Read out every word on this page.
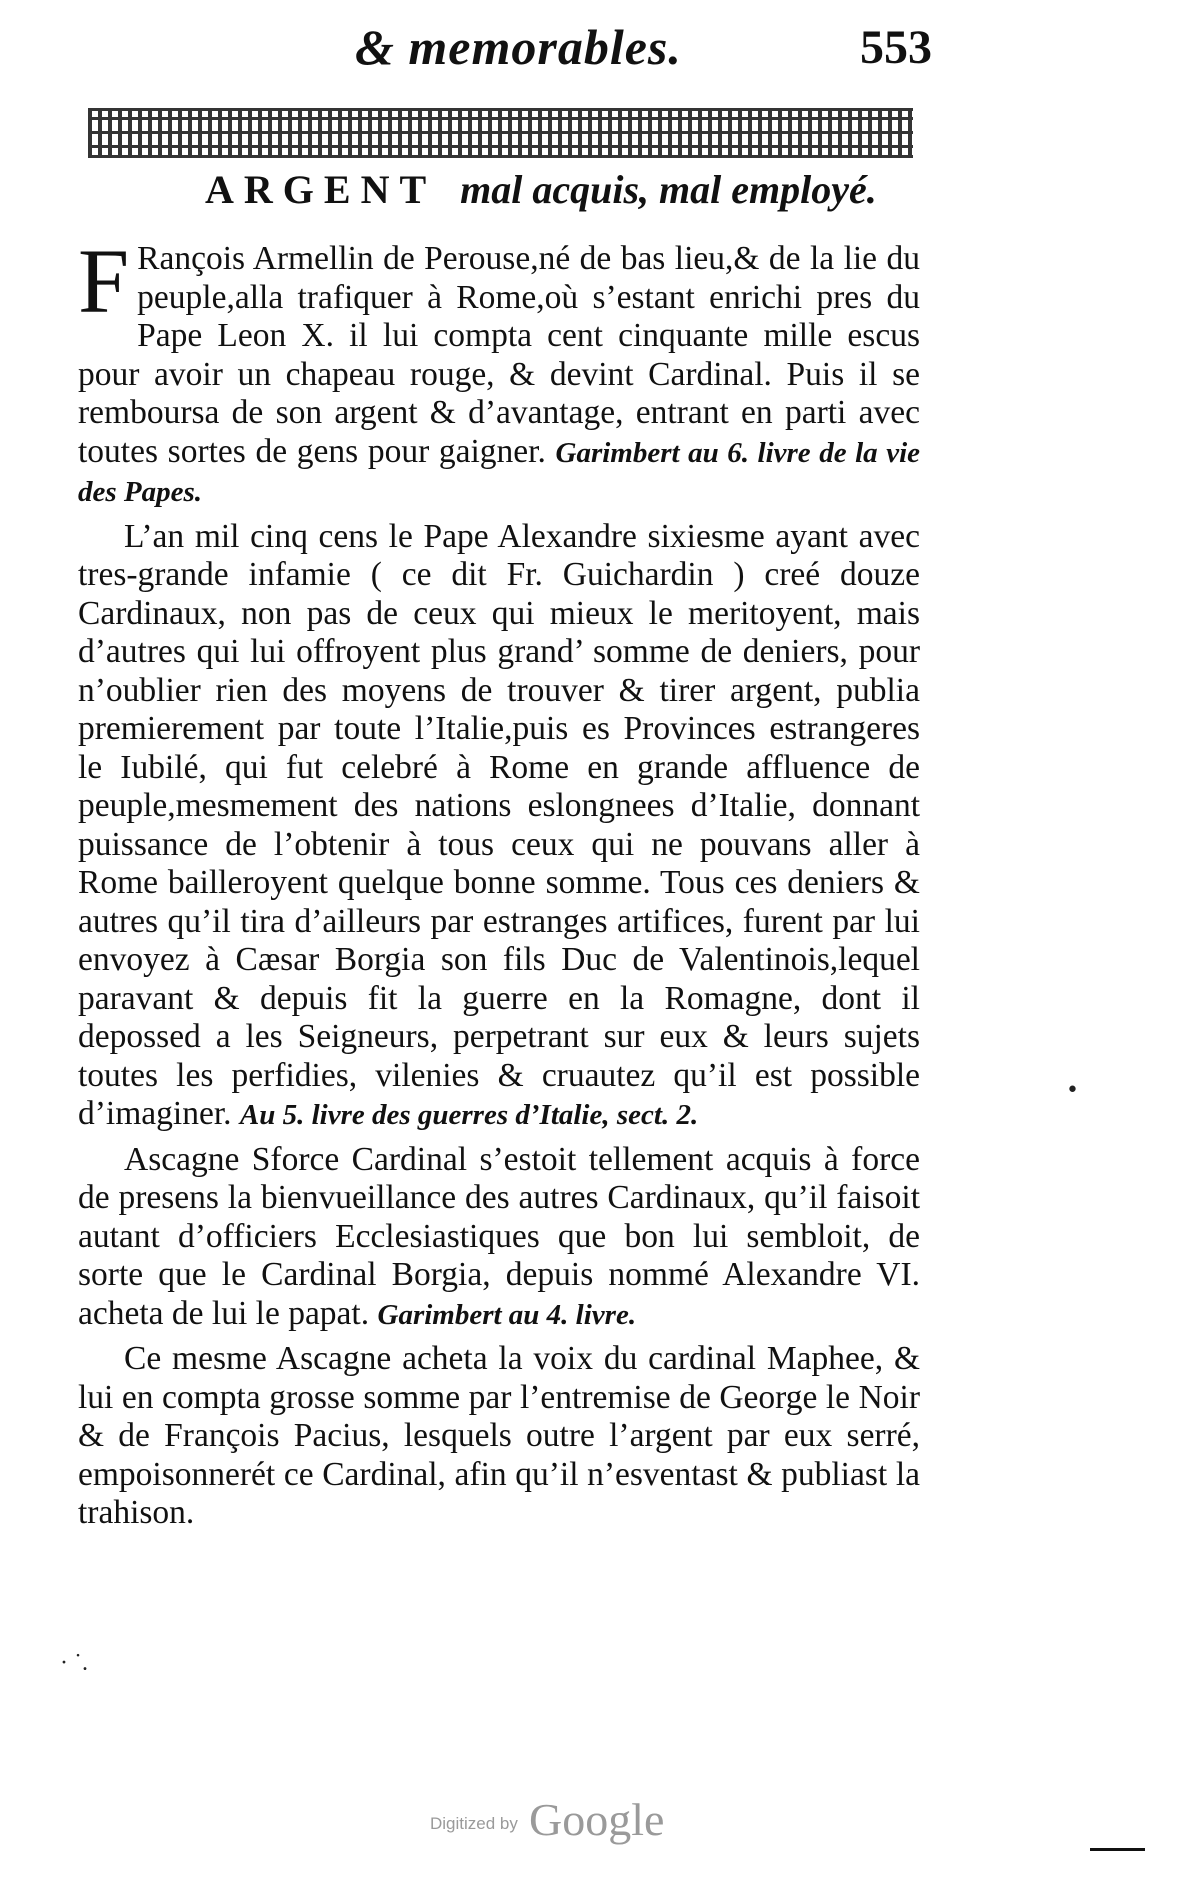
& memorables.	553
ARGENT mal acquis, mal employé.

F Rançois Armellin de Perouse,né de bas lieu,& de la lie du peuple,alla trafiquer à Rome,où s’estant enrichi pres du Pape Leon X. il lui compta cent cinquante mille escus pour avoir un chapeau rouge, & devint Cardinal. Puis il se remboursa de son argent & d’avantage, entrant en parti avec toutes sortes de gens pour gaigner. Garimbert au 6. livre de la vie des Papes.

L’an mil cinq cens le Pape Alexandre sixiesme ayant avec tres-grande infamie ( ce dit Fr. Guichardin ) creé douze Cardinaux, non pas de ceux qui mieux le meritoyent, mais d’autres qui lui offroyent plus grand’ somme de deniers, pour n’oublier rien des moyens de trouver & tirer argent, publia premierement par toute l’Italie,puis es Provinces estrangeres le Iubilé, qui fut celebré à Rome en grande affluence de peuple,mesmement des nations eslongnees d’Italie, donnant puissance de l’obtenir à tous ceux qui ne pouvans aller à Rome bailleroyent quelque bonne somme. Tous ces deniers & autres qu’il tira d’ailleurs par estranges artifices, furent par lui envoyez à Cæsar Borgia son fils Duc de Valentinois,lequel paravant & depuis fit la guerre en la Romagne, dont il depossed a les Seigneurs, perpetrant sur eux & leurs sujets toutes les perfidies, vilenies & cruautez qu’il est possible d’imaginer. Au 5. livre des guerres d’Italie, sect. 2.

Ascagne Sforce Cardinal s’estoit tellement acquis à force de presens la bienvueillance des autres Cardinaux, qu’il faisoit autant d’officiers Ecclesiastiques que bon lui sembloit, de sorte que le Cardinal Borgia, depuis nommé Alexandre VI. acheta de lui le papat. Garimbert au 4. livre.

Ce mesme Ascagne acheta la voix du cardinal Maphee, & lui en compta grosse somme par l’entremise de George le Noir & de François Pacius, lesquels outre l’argent par eux serré, empoisonnerét ce Cardinal, afin qu’il n’esventast & publiast la trahison.

•
· ˙.
Digitized by Google
